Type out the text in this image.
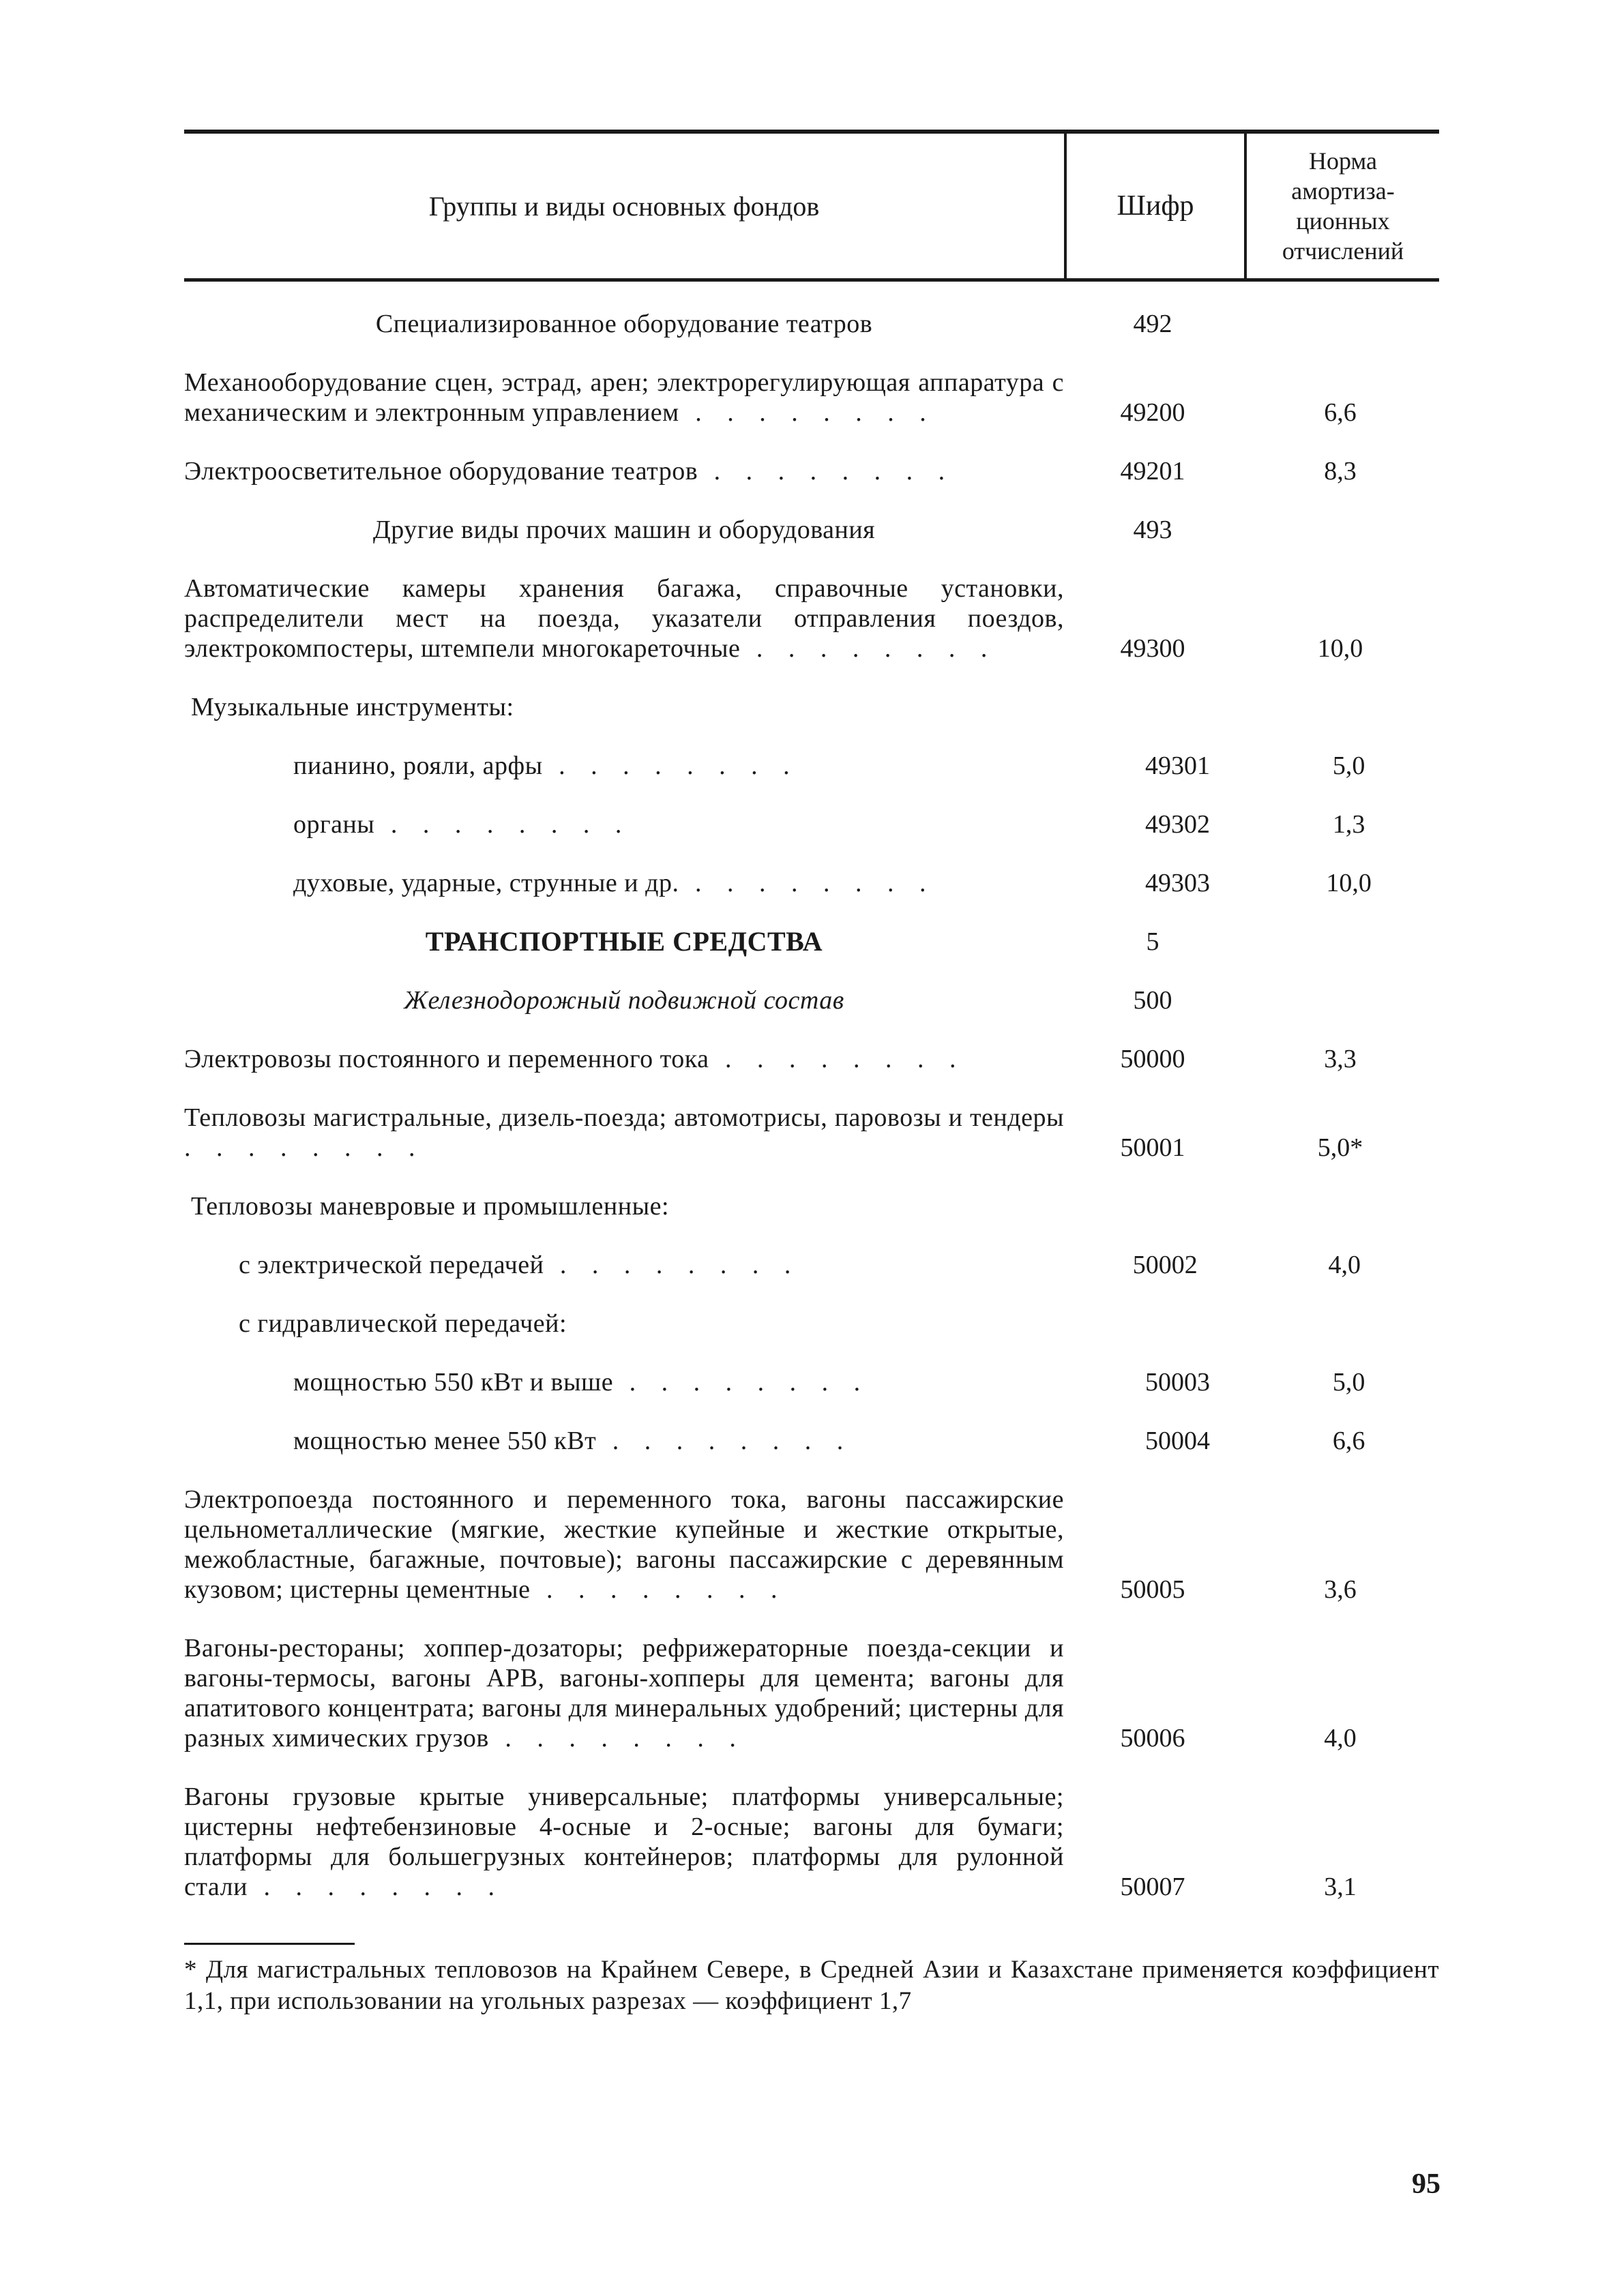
Группы и виды основных фондов	Шифр
Норма
амортиза-
ционных
отчислений
Специализированное оборудование театров	492
Механооборудование сцен, эстрад, арен; электрорегулирующая аппаратура с механическим и электронным управлением . . . . . . . .	49200	6,6
Электроосветительное оборудование театров . . . . . . . .	49201	8,3
Другие виды прочих машин и оборудования	493
Автоматические камеры хранения багажа, справочные установки, распределители мест на поезда, указатели отправления поездов, электрокомпостеры, штемпели многокареточные . . . . . . . .	49300	10,0
Музыкальные инструменты:
пианино, рояли, арфы . . . . . . . .	49301	5,0
органы . . . . . . . .	49302	1,3
духовые, ударные, струнные и др. . . . . . . . .	49303	10,0
ТРАНСПОРТНЫЕ СРЕДСТВА	5
Железнодорожный подвижной состав	500
Электровозы постоянного и переменного тока . . . . . . . .	50000	3,3
Тепловозы магистральные, дизель-поезда; автомотрисы, паровозы и тендеры . . . . . . . .	50001	5,0*
Тепловозы маневровые и промышленные:
с электрической передачей . . . . . . . .	50002	4,0
с гидравлической передачей:
мощностью 550 кВт и выше . . . . . . . .	50003	5,0
мощностью менее 550 кВт . . . . . . . .	50004	6,6
Электропоезда постоянного и переменного тока, вагоны пассажирские цельнометаллические (мягкие, жесткие купейные и жесткие открытые, межобластные, багажные, почтовые); вагоны пассажирские с деревянным кузовом; цистерны цементные . . . . . . . .	50005	3,6
Вагоны-рестораны; хоппер-дозаторы; рефрижераторные поезда-секции и вагоны-термосы, вагоны АРВ, вагоны-хопперы для цемента; вагоны для апатитового концентрата; вагоны для минеральных удобрений; цистерны для разных химических грузов . . . . . . . .	50006	4,0
Вагоны грузовые крытые универсальные; платформы универсальные; цистерны нефтебензиновые 4-осные и 2-осные; вагоны для бумаги; платформы для большегрузных контейнеров; платформы для рулонной стали . . . . . . . .	50007	3,1
* Для магистральных тепловозов на Крайнем Севере, в Средней Азии и Казахстане применяется коэффициент 1,1, при использовании на угольных разрезах — коэффициент 1,7
95
